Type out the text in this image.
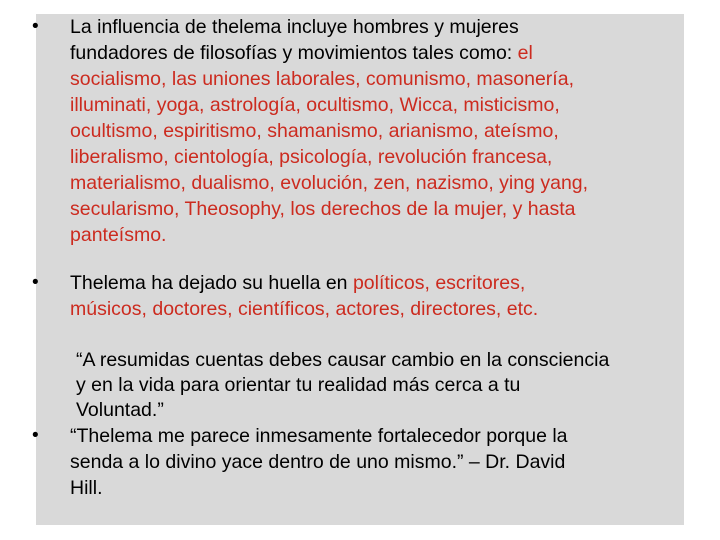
• La influencia de thelema incluye hombres y mujeres
fundadores de filosofías y movimientos tales como: el
socialismo, las uniones laborales, comunismo, masonería,
illuminati, yoga, astrología, ocultismo, Wicca, misticismo,
ocultismo, espiritismo, shamanismo, arianismo, ateísmo,
liberalismo, cientología, psicología, revolución francesa,
materialismo, dualismo, evolución, zen, nazismo, ying yang,
secularismo, Theosophy, los derechos de la mujer, y hasta
panteísmo.
• Thelema ha dejado su huella en políticos, escritores,
músicos, doctores, científicos, actores, directores, etc.
“A resumidas cuentas debes causar cambio en la consciencia
y en la vida para orientar tu realidad más cerca a tu
Voluntad.”
• “Thelema me parece inmesamente fortalecedor porque la
senda a lo divino yace dentro de uno mismo.” – Dr. David
Hill.
